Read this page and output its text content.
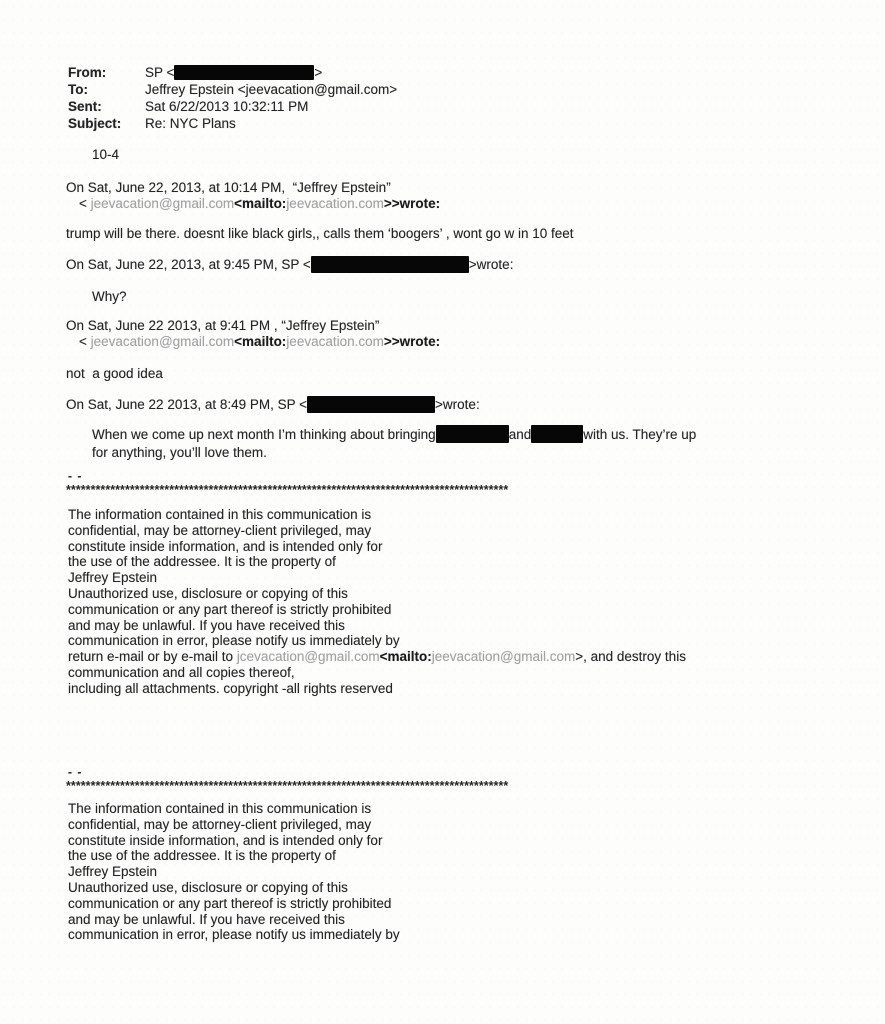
From:	SP <	>
To:	Jeffrey Epstein <jeevacation@gmail.com>
Sent:	Sat 6/22/2013 10:32:11 PM
Subject: Re: NYC Plans
10-4
On Sat, June 22, 2013, at 10:14 PM,  “Jeffrey Epstein”
< jeevacation@gmail.com<mailto:jeevacation.com>>wrote:
trump will be there. doesnt like black girls,, calls them ‘boogers’ , wont go w in 10 feet
On Sat, June 22, 2013, at 9:45 PM, SP <	>wrote:
Why?
On Sat, June 22 2013, at 9:41 PM , “Jeffrey Epstein”
< jeevacation@gmail.com<mailto:jeevacation.com>>wrote:
not  a good idea
On Sat, June 22 2013, at 8:49 PM, SP <	>wrote:
When we come up next month I’m thinking about bringing	and	with us. They’re up
for anything, you’ll love them.
- -
******************************************************************************************
The information contained in this communication is
confidential, may be attorney-client privileged, may
constitute inside information, and is intended only for
the use of the addressee. It is the property of
Jeffrey Epstein
Unauthorized use, disclosure or copying of this
communication or any part thereof is strictly prohibited
and may be unlawful. If you have received this
communication in error, please notify us immediately by
return e-mail or by e-mail to jcevacation@gmail.com<mailto:jeevacation@gmail.com>, and destroy this
communication and all copies thereof,
including all attachments. copyright -all rights reserved
- -
******************************************************************************************
The information contained in this communication is
confidential, may be attorney-client privileged, may
constitute inside information, and is intended only for
the use of the addressee. It is the property of
Jeffrey Epstein
Unauthorized use, disclosure or copying of this
communication or any part thereof is strictly prohibited
and may be unlawful. If you have received this
communication in error, please notify us immediately by
